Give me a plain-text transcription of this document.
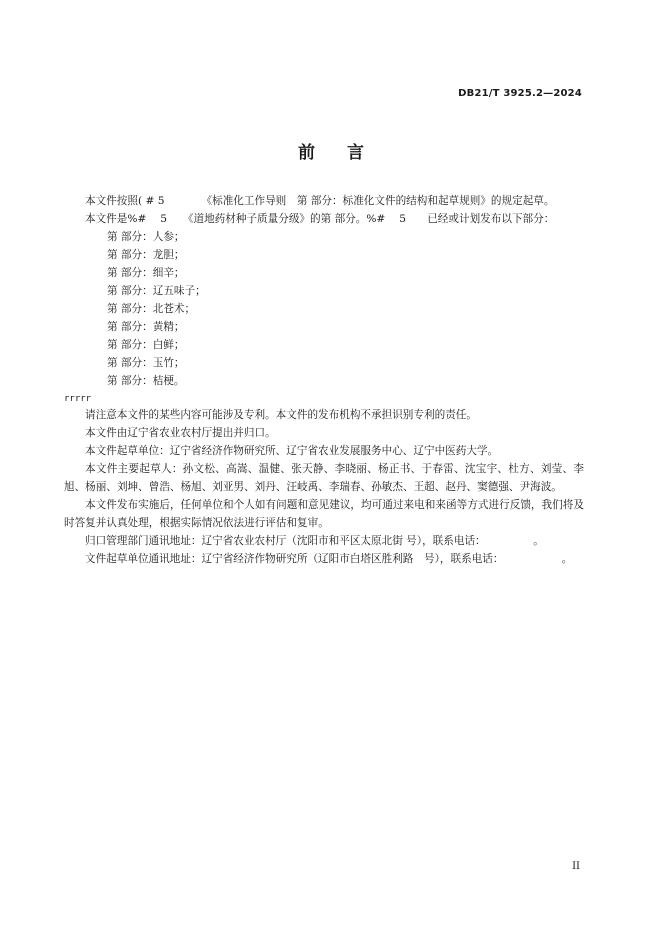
DB21/T 3925.2—2024
前言

本文件按照( # 5　　　　《标准化工作导则　第 部分：标准化文件的结构和起草规则》的规定起草。

本文件是%#　 5　　《道地药材种子质量分级》的第 部分。%#　 5　　已经或计划发布以下部分：

第 部分：人参；
第 部分：龙胆；
第 部分：细辛；
第 部分：辽五味子；
第 部分：北苍术；
第 部分：黄精；
第 部分：白鲜；
第 部分：玉竹；
第 部分：桔梗。
rrrrr

请注意本文件的某些内容可能涉及专利。本文件的发布机构不承担识别专利的责任。

本文件由辽宁省农业农村厅提出并归口。

本文件起草单位：辽宁省经济作物研究所、辽宁省农业发展服务中心、辽宁中医药大学。

本文件主要起草人：孙文松、高嵩、温健、张天静、李晓丽、杨正书、于春雷、沈宝宇、杜方、刘莹、李旭、杨丽、刘坤、曾浩、杨旭、刘亚男、刘丹、汪岐禹、李瑞春、孙敏杰、王超、赵丹、窦德强、尹海波。

本文件发布实施后，任何单位和个人如有问题和意见建议，均可通过来电和来函等方式进行反馈，我们将及时答复并认真处理，根据实际情况依法进行评估和复审。

归口管理部门通讯地址：辽宁省农业农村厅（沈阳市和平区太原北街 号），联系电话：　　　　　。

文件起草单位通讯地址：辽宁省经济作物研究所（辽阳市白塔区胜利路　号），联系电话：　　　　　　。

II
